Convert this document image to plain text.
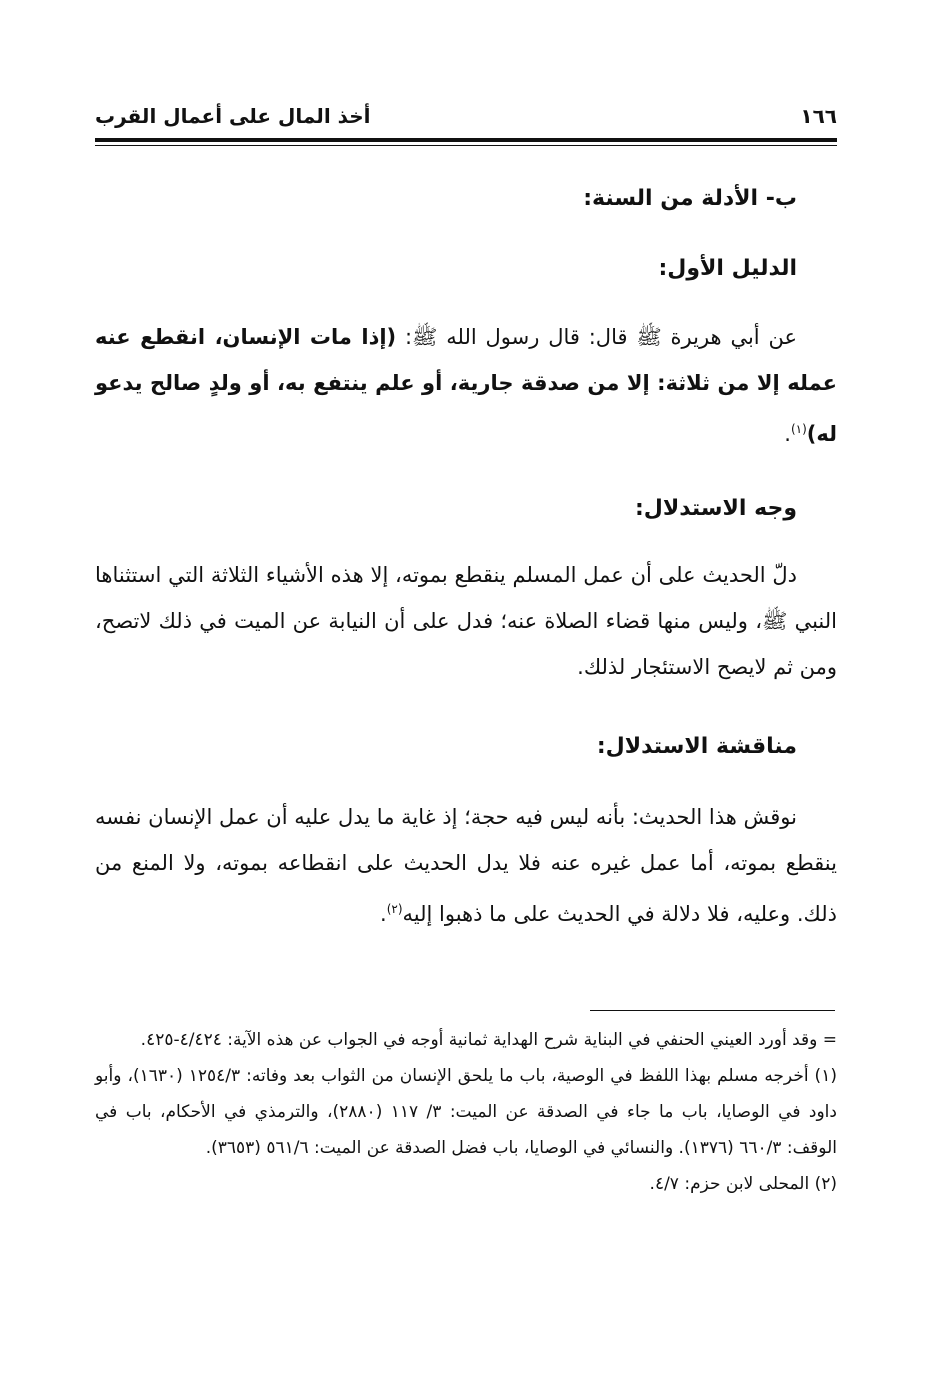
١٦٦
أخذ المال على أعمال القرب

ب- الأدلة من السنة:

الدليل الأول:

عن أبي هريرة ﷺ قال: قال رسول الله ﷺ: (إذا مات الإنسان، انقطع عنه عمله إلا من ثلاثة: إلا من صدقة جارية، أو علم ينتفع به، أو ولدٍ صالح يدعو له)$^{(١)}$.

وجه الاستدلال:

دلّ الحديث على أن عمل المسلم ينقطع بموته، إلا هذه الأشياء الثلاثة التي استثناها النبي ﷺ، وليس منها قضاء الصلاة عنه؛ فدل على أن النيابة عن الميت في ذلك لاتصح، ومن ثم لايصح الاستئجار لذلك.

مناقشة الاستدلال:

نوقش هذا الحديث: بأنه ليس فيه حجة؛ إذ غاية ما يدل عليه أن عمل الإنسان نفسه ينقطع بموته، أما عمل غيره عنه فلا يدل الحديث على انقطاعه بموته، ولا المنع من ذلك. وعليه، فلا دلالة في الحديث على ما ذهبوا إليه$^{(٢)}$.

= وقد أورد العيني الحنفي في البناية شرح الهداية ثمانية أوجه في الجواب عن هذه الآية: ٤/٤٢٤-٤٢٥.

(١) أخرجه مسلم بهذا اللفظ في الوصية، باب ما يلحق الإنسان من الثواب بعد وفاته: ١٢٥٤/٣ (١٦٣٠)، وأبو داود في الوصايا، باب ما جاء في الصدقة عن الميت: ٣/ ١١٧ (٢٨٨٠)، والترمذي في الأحكام، باب في الوقف: ٦٦٠/٣ (١٣٧٦). والنسائي في الوصايا، باب فضل الصدقة عن الميت: ٥٦١/٦ (٣٦٥٣).

(٢) المحلى لابن حزم: ٤/٧.
